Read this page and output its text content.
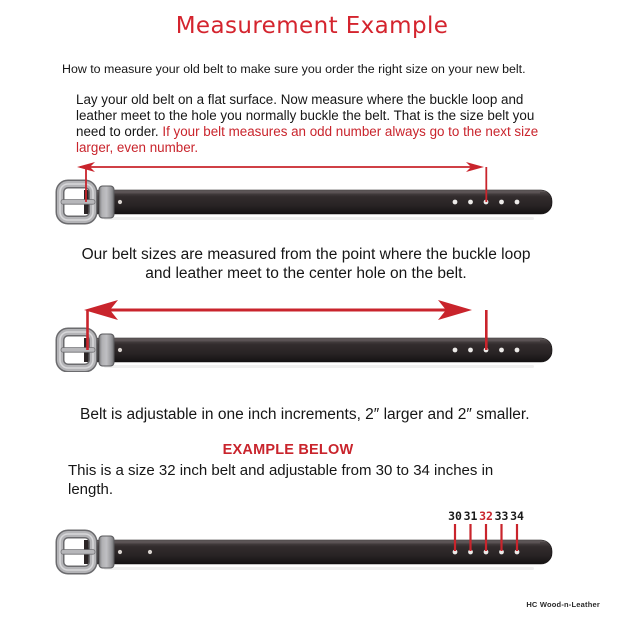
Measurement Example
How to measure your old belt to make sure you order the right size on your new belt.

Lay your old belt on a flat surface. Now measure where the buckle loop and leather meet to the hole you normally buckle the belt. That is the size belt you need to order. If your belt measures an odd number always go to the next size larger, even number.

Our belt sizes are measured from the point where the buckle loop and leather meet to the center hole on the belt.
Belt is adjustable in one inch increments, 2″ larger and 2″ smaller.
EXAMPLE BELOW
This is a size 32 inch belt and adjustable from 30 to 34 inches in length.
30 31 32 33 34
HC Wood-n-Leather
